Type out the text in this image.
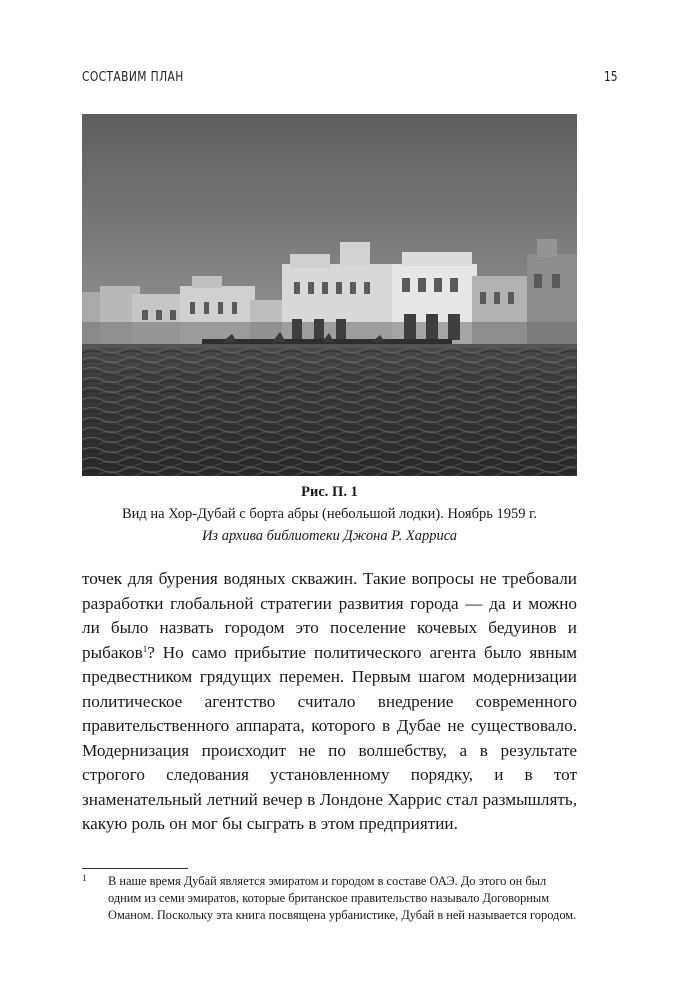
СОСТАВИМ ПЛАН	15
Рис. П. 1
Вид на Хор-Дубай с борта абры (небольшой лодки). Ноябрь 1959 г.
Из архива библиотеки Джона Р. Харриса

точек для бурения водяных скважин. Такие вопросы не требовали разработки глобальной стратегии развития города — да и можно ли было назвать городом это поселение кочевых бедуинов и рыбаков$^1$? Но само прибытие политического агента было явным предвестником грядущих перемен. Первым шагом модернизации политическое агентство считало внедрение современного правительственного аппарата, которого в Дубае не существовало. Модернизация происходит не по волшебству, а в результате строгого следования установленному порядку, и в тот знаменательный летний вечер в Лондоне Харрис стал размышлять, какую роль он мог бы сыграть в этом предприятии.

1 В наше время Дубай является эмиратом и городом в составе ОАЭ. До этого он был одним из семи эмиратов, которые британское правительство называло Договорным Оманом. Поскольку эта книга посвящена урбанистике, Дубай в ней называется городом.
